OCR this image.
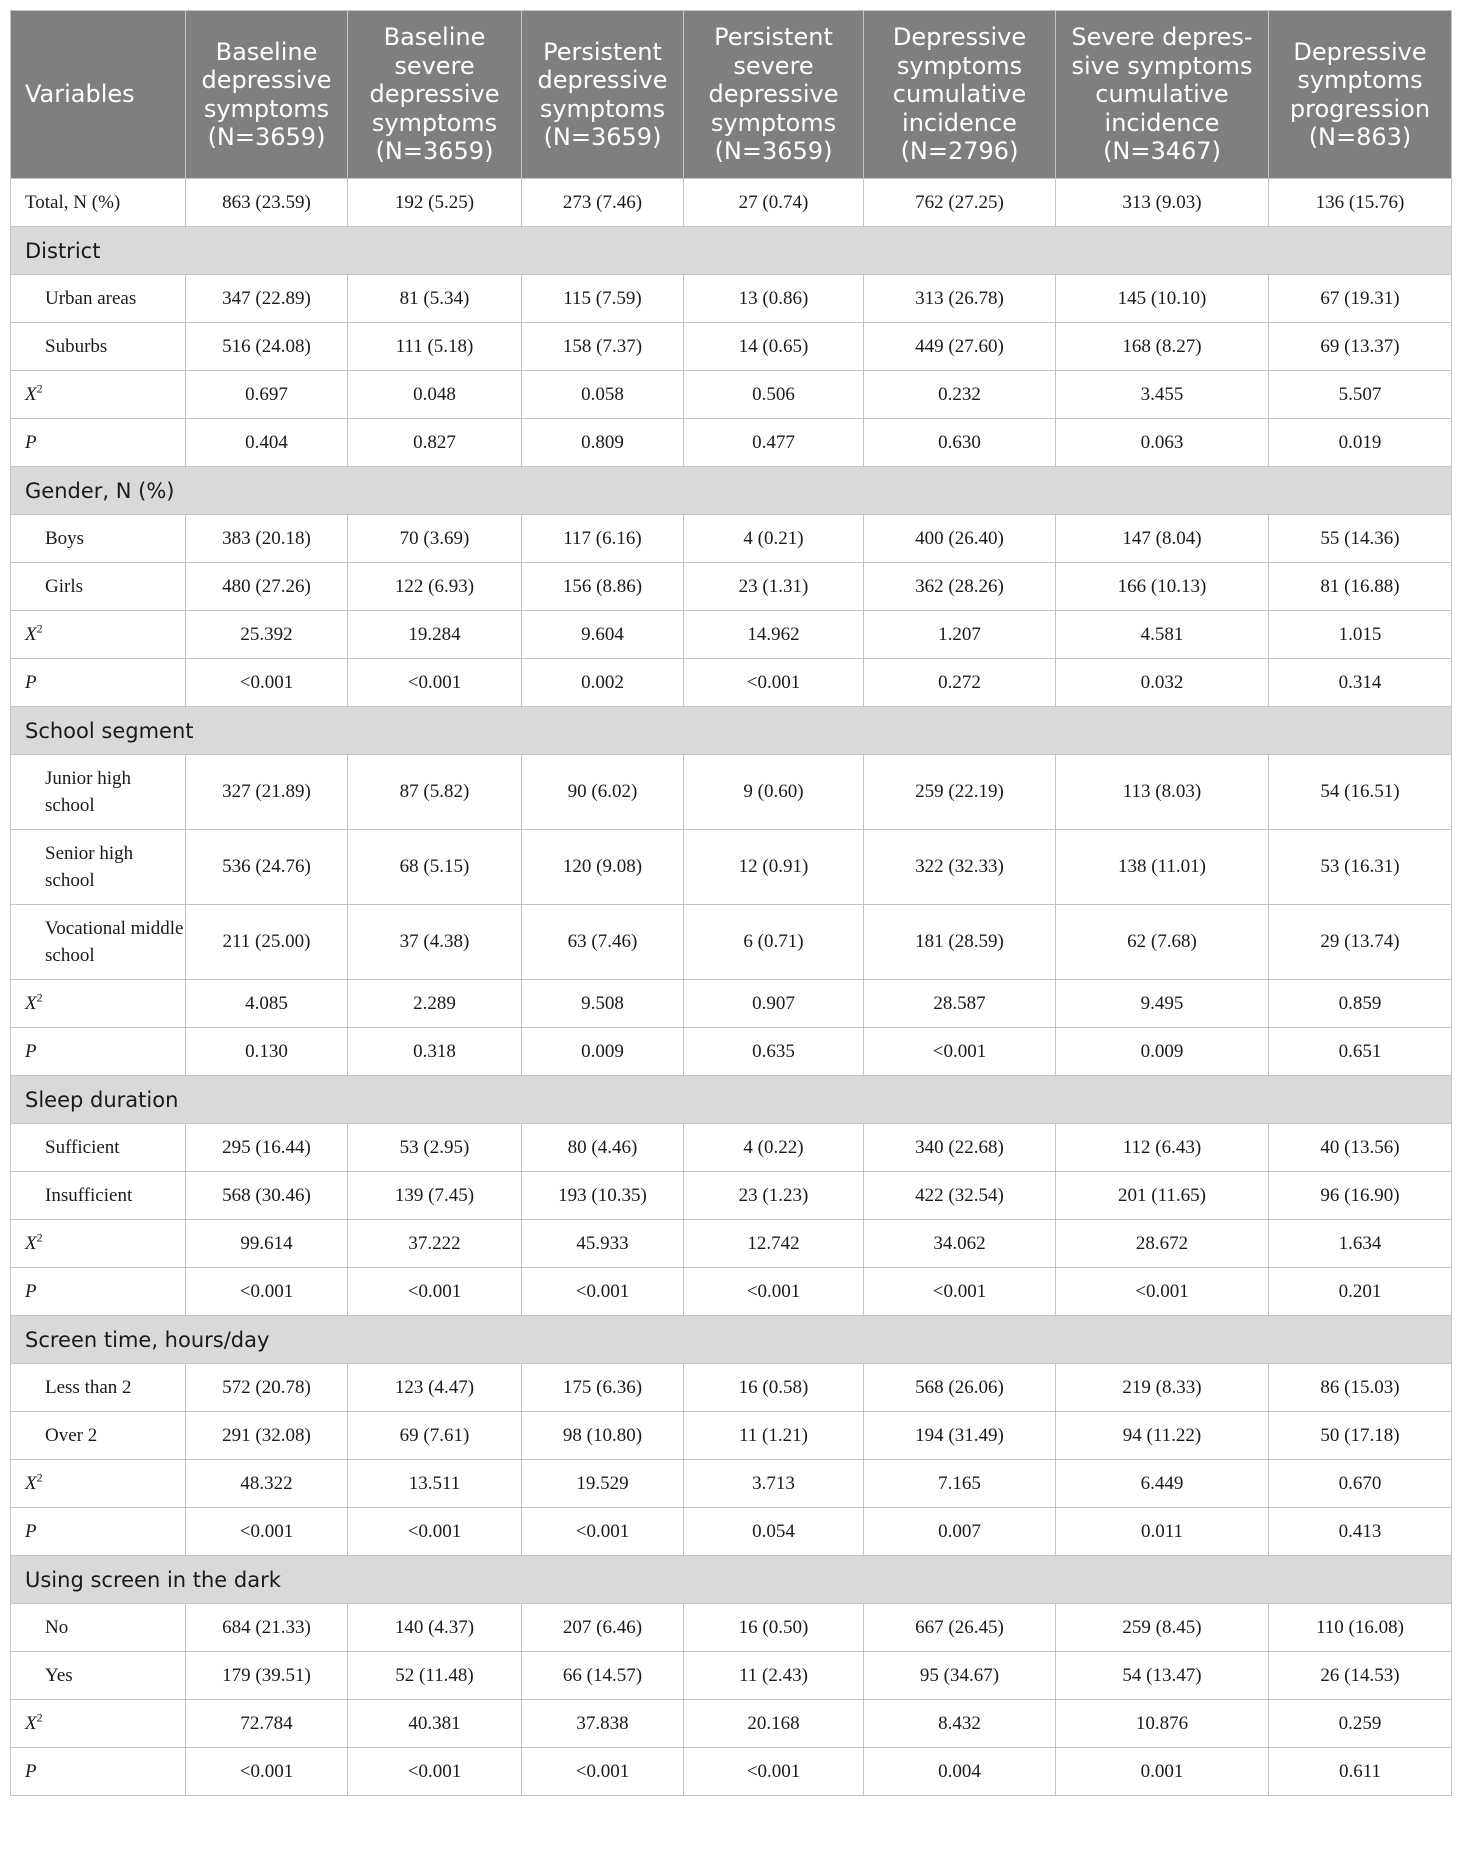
Variables	Baseline depressive symptoms (N=3659)	Baseline severe depressive symptoms (N=3659)	Persistent depressive symptoms (N=3659)	Persistent severe depressive symptoms (N=3659)	Depressive symptoms cumulative incidence (N=2796)	Severe depres-sive symptoms cumulative incidence (N=3467)	Depressive symptoms progression (N=863)
Total, N (%)	863 (23.59)	192 (5.25)	273 (7.46)	27 (0.74)	762 (27.25)	313 (9.03)	136 (15.76)
District							
Urban areas	347 (22.89)	81 (5.34)	115 (7.59)	13 (0.86)	313 (26.78)	145 (10.10)	67 (19.31)
Suburbs	516 (24.08)	111 (5.18)	158 (7.37)	14 (0.65)	449 (27.60)	168 (8.27)	69 (13.37)
$X^2$	0.697	0.048	0.058	0.506	0.232	3.455	5.507
P	0.404	0.827	0.809	0.477	0.630	0.063	0.019
Gender, N (%)							
Boys	383 (20.18)	70 (3.69)	117 (6.16)	4 (0.21)	400 (26.40)	147 (8.04)	55 (14.36)
Girls	480 (27.26)	122 (6.93)	156 (8.86)	23 (1.31)	362 (28.26)	166 (10.13)	81 (16.88)
$X^2$	25.392	19.284	9.604	14.962	1.207	4.581	1.015
P	<0.001	<0.001	0.002	<0.001	0.272	0.032	0.314
School segment							
Junior high school	327 (21.89)	87 (5.82)	90 (6.02)	9 (0.60)	259 (22.19)	113 (8.03)	54 (16.51)
Senior high school	536 (24.76)	68 (5.15)	120 (9.08)	12 (0.91)	322 (32.33)	138 (11.01)	53 (16.31)
Vocational middle school	211 (25.00)	37 (4.38)	63 (7.46)	6 (0.71)	181 (28.59)	62 (7.68)	29 (13.74)
$X^2$	4.085	2.289	9.508	0.907	28.587	9.495	0.859
P	0.130	0.318	0.009	0.635	<0.001	0.009	0.651
Sleep duration							
Sufficient	295 (16.44)	53 (2.95)	80 (4.46)	4 (0.22)	340 (22.68)	112 (6.43)	40 (13.56)
Insufficient	568 (30.46)	139 (7.45)	193 (10.35)	23 (1.23)	422 (32.54)	201 (11.65)	96 (16.90)
$X^2$	99.614	37.222	45.933	12.742	34.062	28.672	1.634
P	<0.001	<0.001	<0.001	<0.001	<0.001	<0.001	0.201
Screen time, hours/day							
Less than 2	572 (20.78)	123 (4.47)	175 (6.36)	16 (0.58)	568 (26.06)	219 (8.33)	86 (15.03)
Over 2	291 (32.08)	69 (7.61)	98 (10.80)	11 (1.21)	194 (31.49)	94 (11.22)	50 (17.18)
$X^2$	48.322	13.511	19.529	3.713	7.165	6.449	0.670
P	<0.001	<0.001	<0.001	0.054	0.007	0.011	0.413
Using screen in the dark							
No	684 (21.33)	140 (4.37)	207 (6.46)	16 (0.50)	667 (26.45)	259 (8.45)	110 (16.08)
Yes	179 (39.51)	52 (11.48)	66 (14.57)	11 (2.43)	95 (34.67)	54 (13.47)	26 (14.53)
$X^2$	72.784	40.381	37.838	20.168	8.432	10.876	0.259
P	<0.001	<0.001	<0.001	<0.001	0.004	0.001	0.611
